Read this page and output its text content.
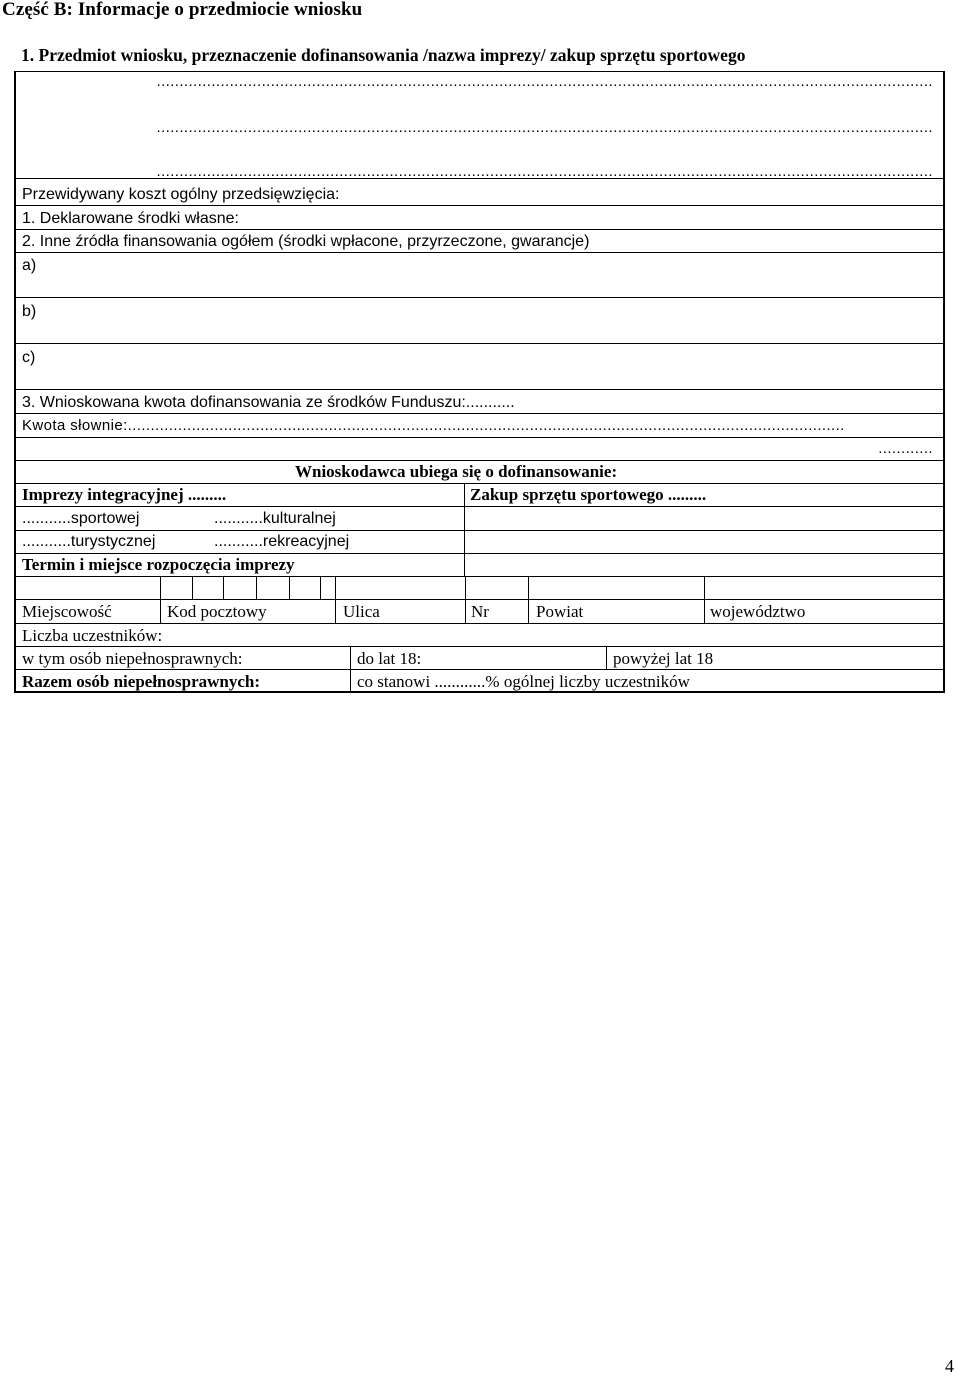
Część B: Informacje o przedmiocie wniosku
1. Przedmiot wniosku, przeznaczenie dofinansowania /nazwa imprezy/ zakup sprzętu sportowego
..........................................................................................................................................................................
..........................................................................................................................................................................
..........................................................................................................................................................................
Przewidywany koszt ogólny przedsięwzięcia:
1. Deklarowane środki własne:
2. Inne źródła finansowania ogółem (środki wpłacone, przyrzeczone, gwarancje)
a)
b)
c)
3. Wnioskowana kwota dofinansowania ze środków Funduszu:...........
Kwota słownie:.............................................................................................................................................................
............
Wnioskodawca ubiega się o dofinansowanie:
Imprezy integracyjnej .........	Zakup sprzętu sportowego .........
...........sportowej	...........kulturalnej
...........turystycznej	...........rekreacyjnej
Termin i miejsce rozpoczęcia imprezy
Miejscowość	Kod pocztowy	Ulica	Nr	Powiat	województwo
Liczba uczestników:
w tym osób niepełnosprawnych:	do lat 18:	powyżej lat 18
Razem osób niepełnosprawnych:	co stanowi ............% ogólnej liczby uczestników
4
